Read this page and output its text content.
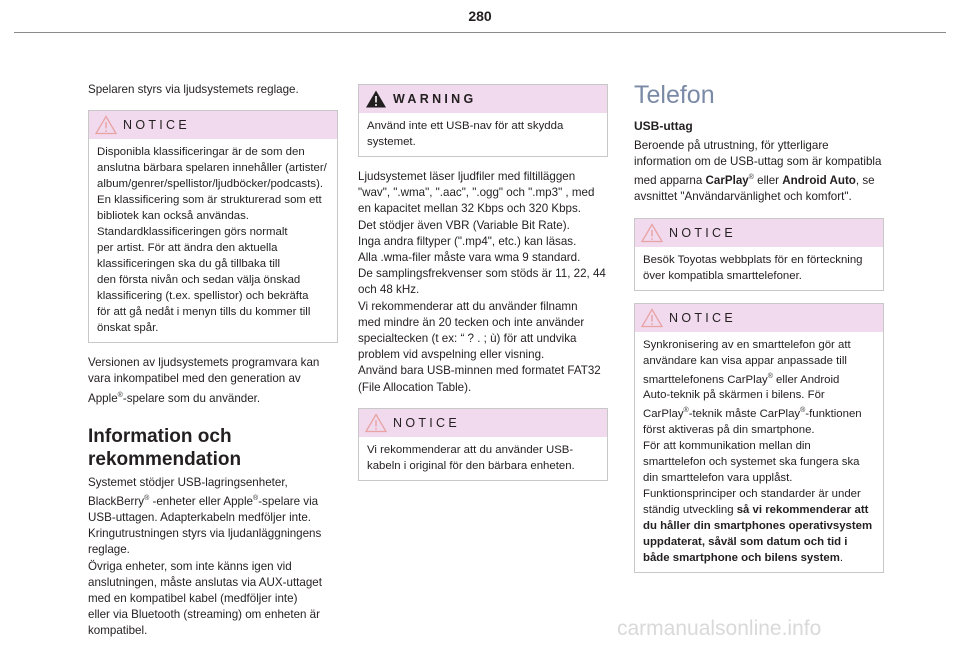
280

Spelaren styrs via ljudsystemets reglage.

NOTICE

Disponibla klassificeringar är de som den
anslutna bärbara spelaren innehåller (artister/
album/genrer/spellistor/ljudböcker/podcasts).
En klassificering som är strukturerad som ett
bibliotek kan också användas.
Standardklassificeringen görs normalt
per artist. För att ändra den aktuella
klassificeringen ska du gå tillbaka till
den första nivån och sedan välja önskad
klassificering (t.ex. spellistor) och bekräfta
för att gå nedåt i menyn tills du kommer till
önskat spår.

Versionen av ljudsystemets programvara kan
vara inkompatibel med den generation av
Apple®-spelare som du använder.

Information och
rekommendation

Systemet stödjer USB-lagringsenheter,
BlackBerry® -enheter eller Apple®-spelare via
USB-uttagen. Adapterkabeln medföljer inte.
Kringutrustningen styrs via ljudanläggningens
reglage.
Övriga enheter, som inte känns igen vid
anslutningen, måste anslutas via AUX-uttaget
med en kompatibel kabel (medföljer inte)
eller via Bluetooth (streaming) om enheten är
kompatibel.

WARNING

Använd inte ett USB-nav för att skydda
systemet.

Ljudsystemet läser ljudfiler med filtilläggen
"wav", ".wma", ".aac", ".ogg" och ".mp3" , med
en kapacitet mellan 32 Kbps och 320 Kbps.
Det stödjer även VBR (Variable Bit Rate).
Inga andra filtyper (".mp4", etc.) kan läsas.
Alla .wma-filer måste vara wma 9 standard.
De samplingsfrekvenser som stöds är 11, 22, 44
och 48 kHz.
Vi rekommenderar att du använder filnamn
med mindre än 20 tecken och inte använder
specialtecken (t ex: “ ? . ; ù) för att undvika
problem vid avspelning eller visning.
Använd bara USB-minnen med formatet FAT32
(File Allocation Table).

NOTICE

Vi rekommenderar att du använder USB-
kabeln i original för den bärbara enheten.

Telefon
USB-uttag

Beroende på utrustning, för ytterligare
information om de USB-uttag som är kompatibla
med apparna CarPlay® eller Android Auto, se
avsnittet "Användarvänlighet och komfort".

NOTICE

Besök Toyotas webbplats för en förteckning
över kompatibla smarttelefoner.

NOTICE

Synkronisering av en smarttelefon gör att
användare kan visa appar anpassade till
smarttelefonens CarPlay® eller Android
Auto-teknik på skärmen i bilens. För
CarPlay®-teknik måste CarPlay®-funktionen
först aktiveras på din smartphone.
För att kommunikation mellan din
smarttelefon och systemet ska fungera ska
din smarttelefon vara upplåst.
Funktionsprinciper och standarder är under
ständig utveckling så vi rekommenderar att
du håller din smartphones operativsystem
uppdaterat, såväl som datum och tid i
både smartphone och bilens system.

carmanualsonline.info
